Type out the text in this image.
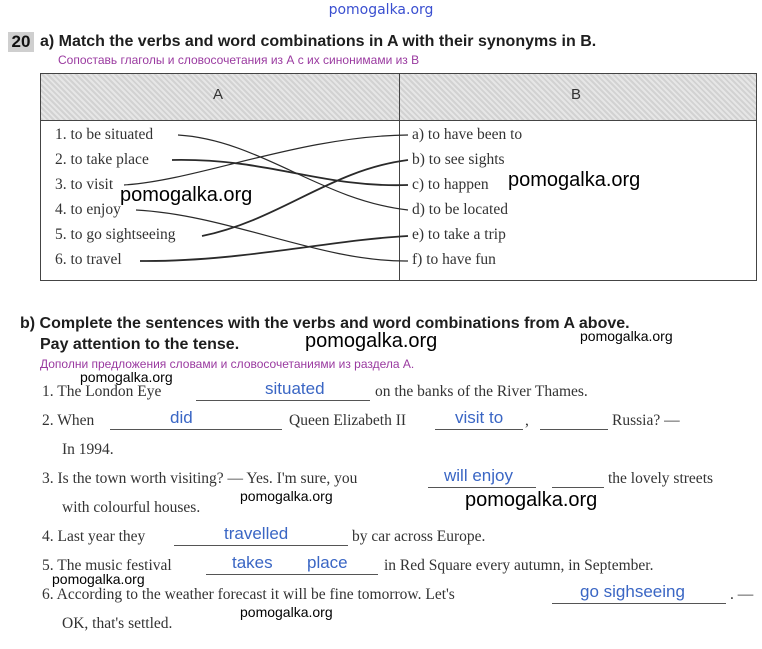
pomogalka.org
20 a) Match the verbs and word combinations in A with their synonyms in B.
Сопоставь глаголы и словосочетания из А с их синонимами из В
A	B
1. to be situated
2. to take place
3. to visit
4. to enjoy
5. to go sightseeing
6. to travel
a) to have been to
b) to see sights
c) to happen
d) to be located
e) to take a trip
f) to have fun
b) Complete the sentences with the verbs and word combinations from A above.
Pay attention to the tense.
Дополни предложения словами и словосочетаниями из раздела А.
1. The London Eye	situated	on the banks of the River Thames.
2. When	did	Queen Elizabeth II	visit to ,	Russia? —
In 1994.
3. Is the town worth visiting? — Yes. I'm sure, you	will enjoy	the lovely streets
with colourful houses.
4. Last year they	travelled	by car across Europe.
5. The music festival	takes place in Red Square every autumn, in September.
6. According to the weather forecast it will be fine tomorrow. Let's	go sighseeing	. —
OK, that's settled.
pomogalka.org
pomogalka.org
pomogalka.org	pomogalka.org
pomogalka.org
pomogalka.org
pomogalka.org
pomogalka.org
pomogalka.org
